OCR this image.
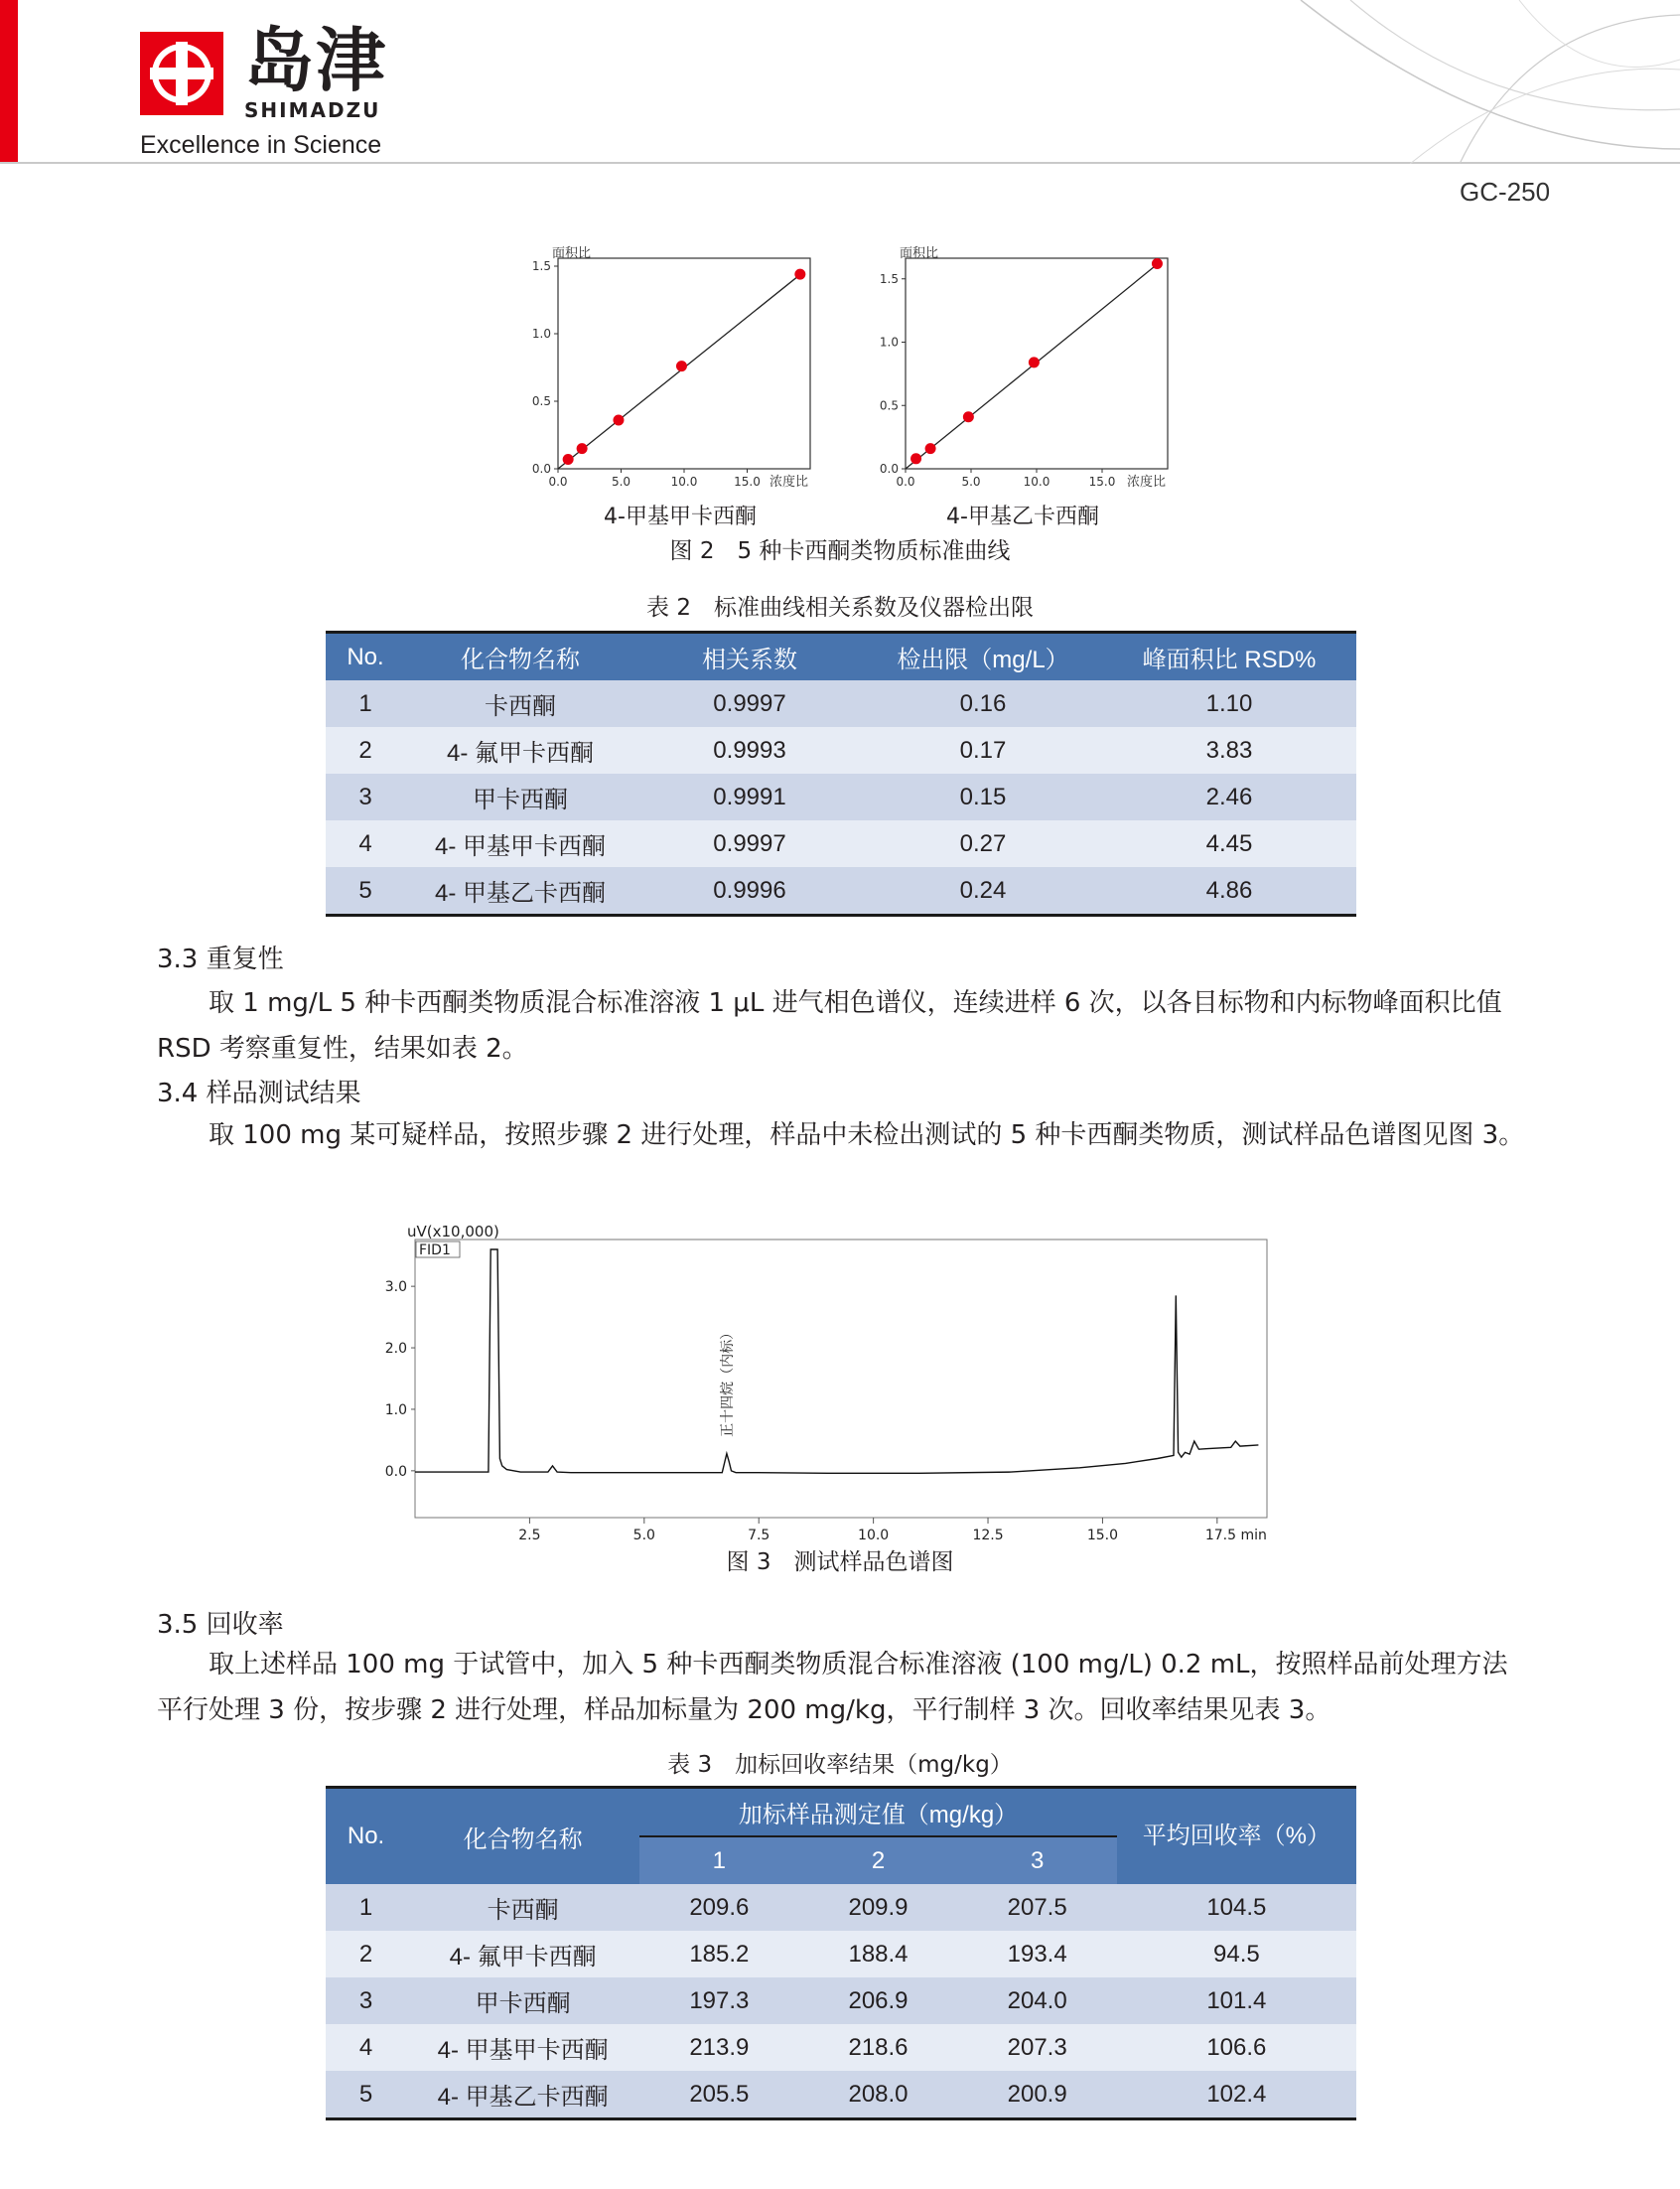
岛津
SHIMADZU
Excellence in Science
GC-250
面积比
浓度比
0.0
0.5
1.0
1.5
0.0	5.0	10.0	15.0
4-甲基甲卡西酮
面积比
浓度比
0.0
0.5
1.0
1.5
0.0	5.0	10.0	15.0
4-甲基乙卡西酮
图 2　5 种卡西酮类物质标准曲线
表 2　标准曲线相关系数及仪器检出限
No.	化合物名称	相关系数	检出限（mg/L）	峰面积比 RSD%
1	卡西酮	0.9997	0.16	1.10
2	4- 氟甲卡西酮	0.9993	0.17	3.83
3	甲卡西酮	0.9991	0.15	2.46
4	4- 甲基甲卡西酮	0.9997	0.27	4.45
5	4- 甲基乙卡西酮	0.9996	0.24	4.86
3.3 重复性
取 1 mg/L 5 种卡西酮类物质混合标准溶液 1 μL 进气相色谱仪，连续进样 6 次，以各目标物和内标物峰面积比值 RSD 考察重复性，结果如表 2。
3.4 样品测试结果
取 100 mg 某可疑样品，按照步骤 2 进行处理，样品中未检出测试的 5 种卡西酮类物质，测试样品色谱图见图 3。
uV(x10,000)
FID1
0.0
1.0
2.0
3.0
2.5	5.0	7.5	10.0	12.5	15.0	17.5 min
正十四烷（内标）
图 3　测试样品色谱图
3.5 回收率
取上述样品 100 mg 于试管中，加入 5 种卡西酮类物质混合标准溶液 (100 mg/L) 0.2 mL，按照样品前处理方法平行处理 3 份，按步骤 2 进行处理，样品加标量为 200 mg/kg，平行制样 3 次。回收率结果见表 3。
表 3　加标回收率结果（mg/kg）
No.	化合物名称	加标样品测定值（mg/kg）			平均回收率（%）
		1	2	3	
1	卡西酮	209.6	209.9	207.5	104.5
2	4- 氟甲卡西酮	185.2	188.4	193.4	94.5
3	甲卡西酮	197.3	206.9	204.0	101.4
4	4- 甲基甲卡西酮	213.9	218.6	207.3	106.6
5	4- 甲基乙卡西酮	205.5	208.0	200.9	102.4
